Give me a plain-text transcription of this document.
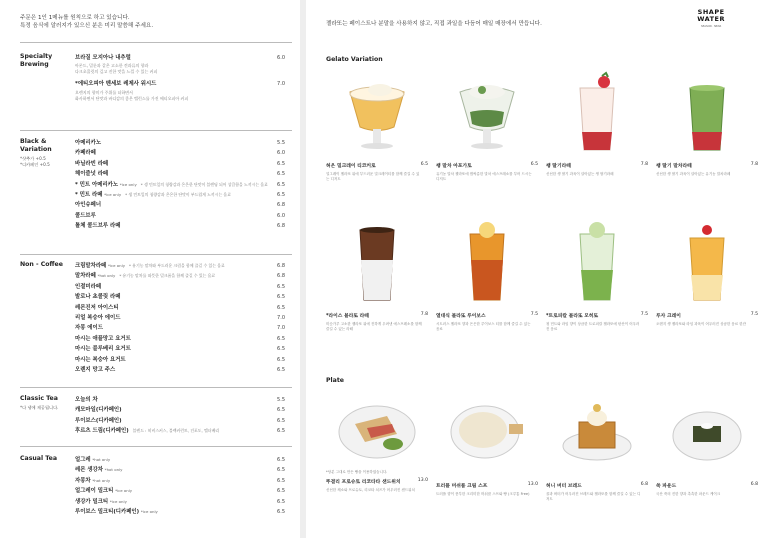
주문은 1인 1메뉴를 원칙으로 하고 있습니다.
특정 음식에 알러지가 있으신 분은 미리 말씀해 주세요.
Specialty
Brewing
브라질 모지아나 내추럴	6.0
아몬드, 밀룬과 같은 고소한 견과류의 향과
다크초콜릿의 깊고 진한 맛을 느낄 수 있는 커피
*에티오피아 벤세보 레제사 워시드	7.0
오렌지의 향미가 주위를 더하면서
화사하면서 단맛과 바디감의 좋은 밸런스를 가진 에티오피아 커피
Black &
Variation
*샷추가 +0.5
*디카페인 +0.5
아메리카노	5.5
카페라떼	6.0
바닐라빈 라떼	6.5
헤이즐넛 라떼	6.5
* 민트 아메리카노 *ice only * 생 민트잎의 청량감과 은은한 단맛이 블렌딩 되어 상큼함을 느끼시는 음료 6.5
* 민트 라떼 *ice only * 생 민트잎의 청량감과 은은한 단맛이 부드럽게 느끼시는 음료	6.5
아인슈페너	6.8
콜드브루	6.0
톨체 콜드브루 라떼	6.8
Non - Coffee	크림말차라떼 *ice only * 유기농 말차와 부드러운 크림을 함께 즐길 수 있는 음료	6.8
말차라떼 *hot only * 유기농 말차를 따뜻한 밀크폼을 함께 즐길 수 있는 음료	6.8
인절미라떼	6.5
발로나 초콜릿 라떼	6.5
레몬진저 아이스티	6.5
리얼 복숭아 에이드	7.0
자몽 에이드	7.0
마시는 애플망고 요거트	6.5
마시는 블루베리 요거트	6.5
마시는 복숭아 요거트	6.5
오렌지 망고 주스	6.5
Classic Tea
*다 냉에 제공됩니다.
오늘의 차	5.5
캐모마일(디카페인)	6.5
루이보스(디카페인)	6.5
후르츠 드림(디카페인) 블렌드 : 히비스커스, 블랙커런트, 건포도, 엘더베리	6.5
Casual Tea	얼그레 *hot only	6.5
레몬 생강차 *hot only	6.5
자몽차 *hot only	6.5
얼그레이 밀크티 *ice only	6.5
생강가 밀크티 *ice only	6.5
루이보스 밀크티(디카페인) *ice only	6.5
젤라또는 페이스트나 분말을 사용하지 않고, 직접 과일을 다듬어 매일 매장에서 만듭니다.
SHAPE
WATER
SEASON · NEAR
Gelato Variation
Plate
허은 밀크레이 티코커로	6.5
얼그레이 젤라또 위에 부드러운 밀크레이티를 함께 즐길 수 있는 디저트
쌩 말차 아포가토	6.5
유기농 말차 젤라또에 쌉싸름한 말차 에스프레소를 부어 드시는 디저트
쌩 딸기라떼	7.8
신선한 생 딸기 과육이 살아있는 생 딸기라떼
쌩 딸기 말차라떼	7.8
신선한 생 딸기 과육이 살아있는 유기농 말차라떼
*라이스 블라또 라떼	7.8
미숫가루 고소한 젤라또 위에 진하게 우려낸 에스프레소를 함께 즐길 수 있는 라떼
열대식 블라또 루이보스	7.5
시트러스 젤라또 향과 은은한 루이보스 티를 함께 즐길 수 있는 음료
*트로피칼 블라또 모히또	7.5
청 민트와 라임 향이 상큼한 트로피칼 젤라또에 탄산이 어우러진 음료
루자 크레이	7.5
오렌지 생 젤라또와 라임 과육이 어우러진 상큼한 음료 한잔
*당분 그대로 만든 빵을 이용하였습니다.
뚜결리 프로슈토 리코타타 샌드위치	13.0
신선한 채소와 프로슈토, 리코타 치즈가 어우러진 샌드위치
트러플 머쉬룸 크림 스프	13.0
트러플 향이 풍부한 크리미한 머쉬룸 스프와 빵 (크루통 Free)
허니 버터 브레드	6.8
꿀과 버터가 어우러진 브레드와 젤라또를 함께 즐길 수 있는 디저트
쑥 파운드	6.8
국산 쑥의 진한 향과 촉촉한 파운드 케이크
